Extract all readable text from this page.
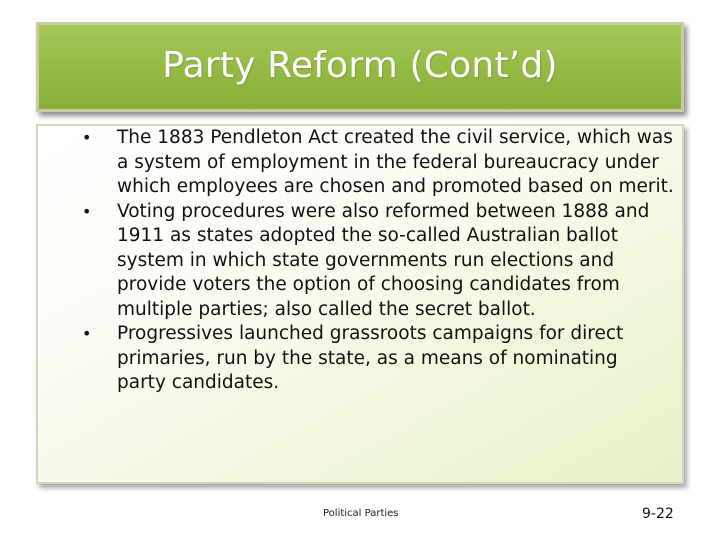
Party Reform (Cont’d)
• The 1883 Pendleton Act created the civil service, which was a system of employment in the federal bureaucracy under which employees are chosen and promoted based on merit.
• Voting procedures were also reformed between 1888 and 1911 as states adopted the so-called Australian ballot system in which state governments run elections and provide voters the option of choosing candidates from multiple parties; also called the secret ballot.
• Progressives launched grassroots campaigns for direct primaries, run by the state, as a means of nominating party candidates.
Political Parties	9-22
